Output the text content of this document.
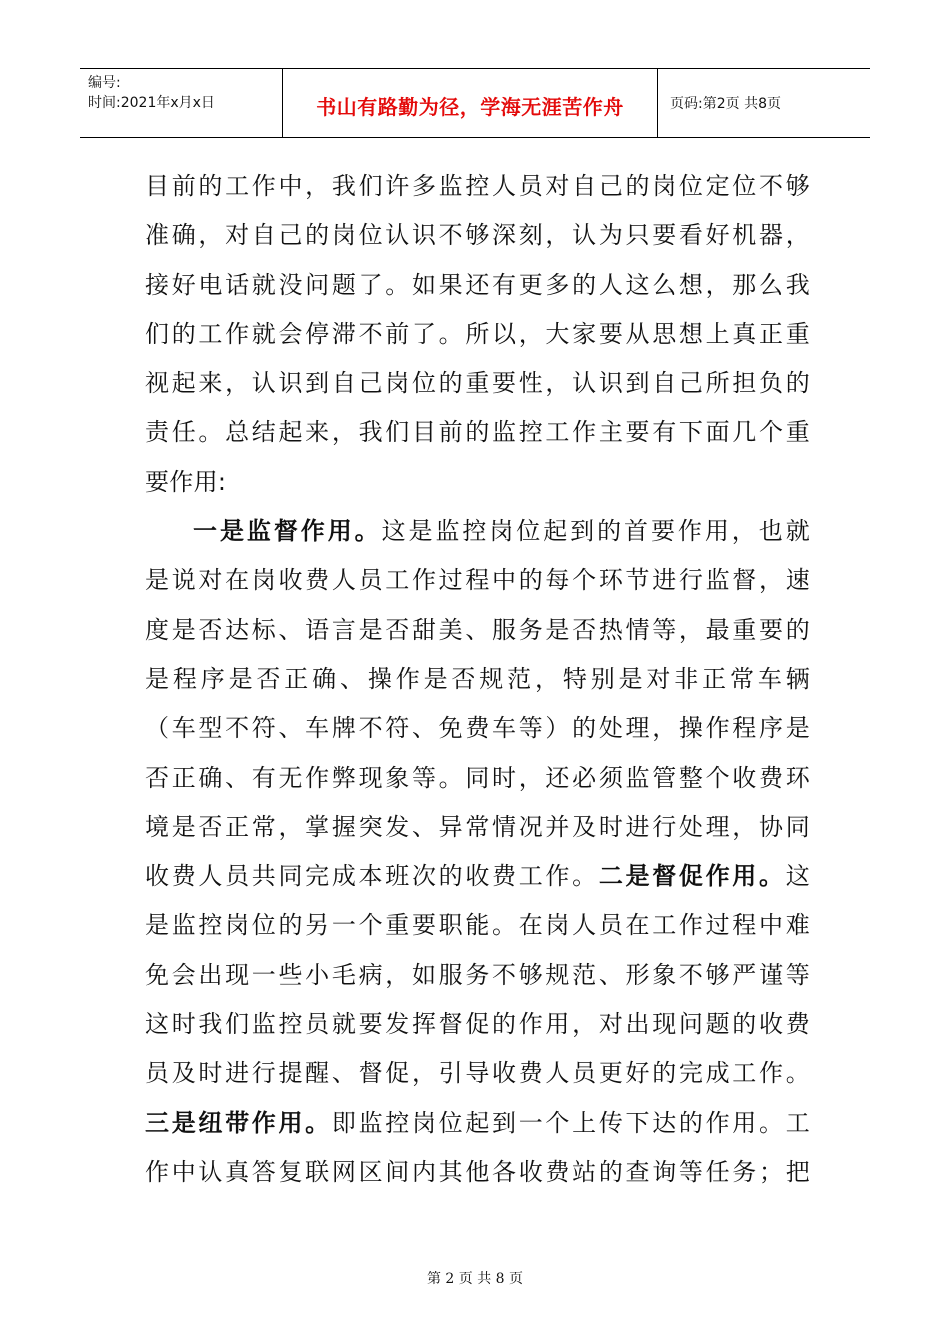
编号:
时间:2021年x月x日	书山有路勤为径，学海无涯苦作舟	页码:第2页 共8页
目前的工作中，我们许多监控人员对自己的岗位定位不够
准确，对自己的岗位认识不够深刻，认为只要看好机器，
接好电话就没问题了。如果还有更多的人这么想，那么我
们的工作就会停滞不前了。所以，大家要从思想上真正重
视起来，认识到自己岗位的重要性，认识到自己所担负的
责任。总结起来，我们目前的监控工作主要有下面几个重
要作用:
一是监督作用。这是监控岗位起到的首要作用，也就
是说对在岗收费人员工作过程中的每个环节进行监督，速
度是否达标、语言是否甜美、服务是否热情等，最重要的
是程序是否正确、操作是否规范，特别是对非正常车辆
（车型不符、车牌不符、免费车等）的处理，操作程序是
否正确、有无作弊现象等。同时，还必须监管整个收费环
境是否正常，掌握突发、异常情况并及时进行处理，协同
收费人员共同完成本班次的收费工作。二是督促作用。这
是监控岗位的另一个重要职能。在岗人员在工作过程中难
免会出现一些小毛病，如服务不够规范、形象不够严谨等
这时我们监控员就要发挥督促的作用，对出现问题的收费
员及时进行提醒、督促，引导收费人员更好的完成工作。
三是纽带作用。即监控岗位起到一个上传下达的作用。工
作中认真答复联网区间内其他各收费站的查询等任务；把
第 2 页 共 8 页
